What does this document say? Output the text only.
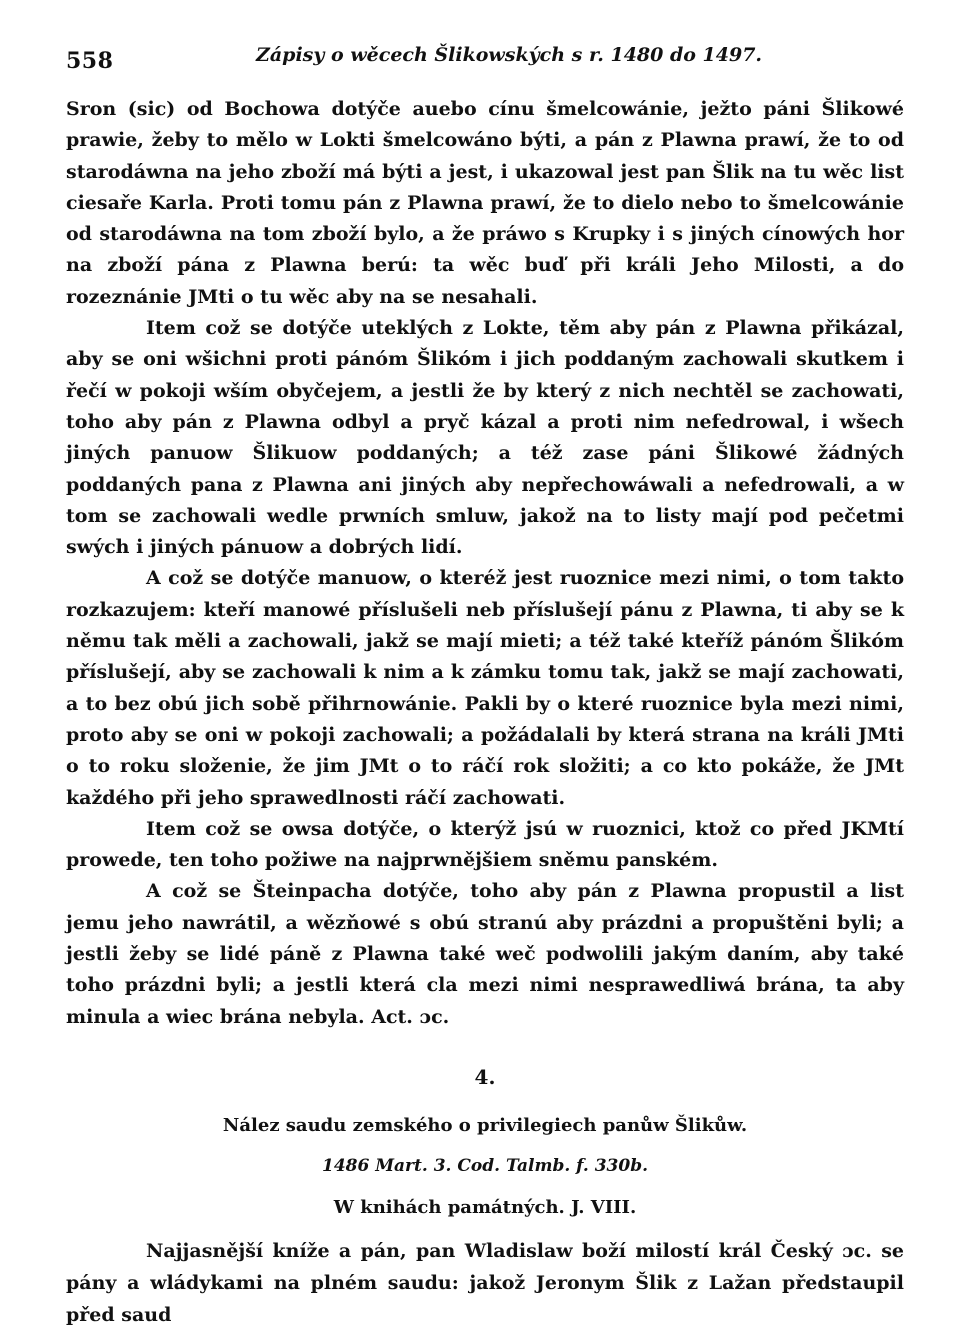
558	Zápisy o wěcech Šlikowských s r. 1480 do 1497.

Sron (sic) od Bochowa dotýče auebo cínu šmelcowánie, ježto páni Šlikowé prawie, žeby to mělo w Lokti šmelcowáno býti, a pán z Plawna prawí, že to od starodáwna na jeho zboží má býti a jest, i ukazowal jest pan Šlik na tu wěc list ciesaře Karla. Proti tomu pán z Plawna prawí, že to dielo nebo to šmelcowánie od starodáwna na tom zboží bylo, a že práwo s Krupky i s jiných cínowých hor na zboží pána z Plawna berú: ta wěc buď při králi Jeho Milosti, a do rozeznánie JMti o tu wěc aby na se nesahali.

Item což se dotýče uteklých z Lokte, těm aby pán z Plawna přikázal, aby se oni wšichni proti pánóm Šlikóm i jich poddaným zachowali skutkem i řečí w pokoji wším obyčejem, a jestli že by který z nich nechtěl se zachowati, toho aby pán z Plawna odbyl a pryč kázal a proti nim nefedrowal, i wšech jiných panuow Šlikuow poddaných; a též zase páni Šlikowé žádných poddaných pana z Plawna ani jiných aby nepřechowáwali a nefedrowali, a w tom se zachowali wedle prwních smluw, jakož na to listy mají pod pečetmi swých i jiných pánuow a dobrých lidí.

A což se dotýče manuow, o kteréž jest ruoznice mezi nimi, o tom takto rozkazujem: kteří manowé příslušeli neb příslušejí pánu z Plawna, ti aby se k němu tak měli a zachowali, jakž se mají mieti; a též také kteříž pánóm Šlikóm příslušejí, aby se zachowali k nim a k zámku tomu tak, jakž se mají zachowati, a to bez obú jich sobě přihrnowánie. Pakli by o které ruoznice byla mezi nimi, proto aby se oni w pokoji zachowali; a požádalali by která strana na králi JMti o to roku složenie, že jim JMt o to ráčí rok složiti; a co kto pokáže, že JMt každého při jeho sprawedlnosti ráčí zachowati.

Item což se owsa dotýče, o kterýž jsú w ruoznici, ktož co před JKMtí prowede, ten toho požiwe na najprwnějšiem sněmu panském.

A což se Šteinpacha dotýče, toho aby pán z Plawna propustil a list jemu jeho nawrátil, a wězňowé s obú stranú aby prázdni a propuštěni byli; a jestli žeby se lidé páně z Plawna také weč podwolili jakým daním, aby také toho prázdni byli; a jestli která cla mezi nimi nesprawedliwá brána, ta aby minula a wiec brána nebyla. Act. ɔc.

4.
Nález saudu zemského o privilegiech panůw Šlikůw.
1486 Mart. 3. Cod. Talmb. f. 330b.
W knihách památných. J. VIII.

Najjasnější kníže a pán, pan Wladislaw boží milostí král Český ɔc. se pány a wládykami na plném saudu: jakož Jeronym Šlik z Lažan předstaupil před saud
